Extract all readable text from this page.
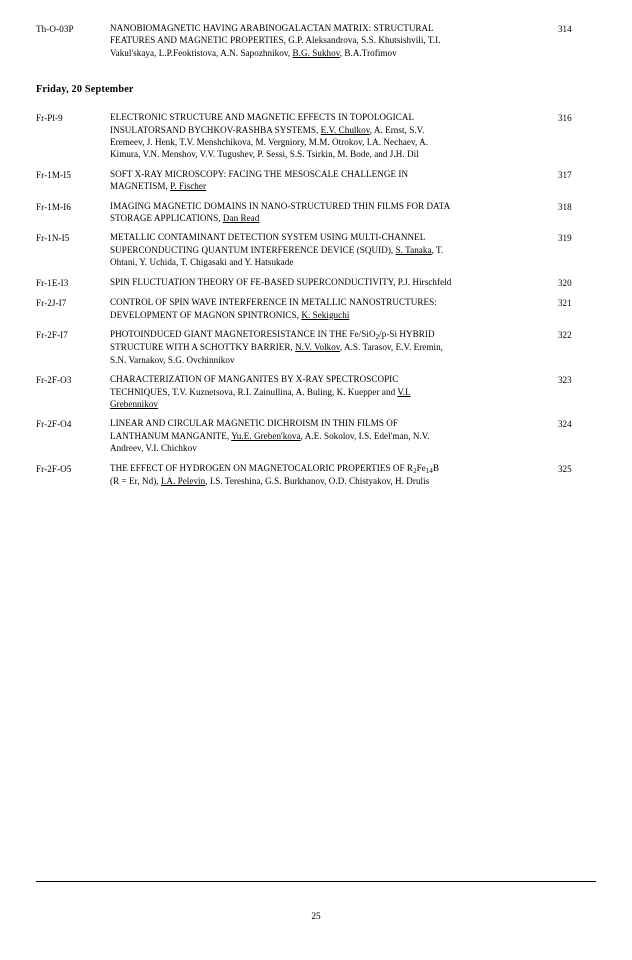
Th-O-03P	NANOBIOMAGNETIC HAVING ARABINOGALACTAN MATRIX: STRUCTURAL
FEATURES AND MAGNETIC PROPERTIES, G.P. Aleksandrova, S.S. Khutsishvili, T.I.
Vakul'skaya, L.P.Feoktistova, A.N. Sapozhnikov, B.G. Sukhov, B.A.Trofimov
	314
Friday, 20 September
Fr-Pl-9	ELECTRONIC STRUCTURE AND MAGNETIC EFFECTS IN TOPOLOGICAL
INSULATORSAND BYCHKOV-RASHBA SYSTEMS, E.V. Chulkov, A. Ernst, S.V.
Eremeev, J. Henk, T.V. Menshchikova, M. Vergniory, M.M. Otrokov, I.A. Nechaev, A.
Kimura, V.N. Menshov, V.V. Tugushev, P. Sessi, S.S. Tsirkin, M. Bode, and J.H. Dil	316
Fr-1M-I5	SOFT X-RAY MICROSCOPY: FACING THE MESOSCALE CHALLENGE IN
MAGNETISM, P. Fischer	317
Fr-1M-I6	IMAGING MAGNETIC DOMAINS IN NANO-STRUCTURED THIN FILMS FOR DATA
STORAGE APPLICATIONS, Dan Read	318
Fr-1N-I5	METALLIC CONTAMINANT DETECTION SYSTEM USING MULTI-CHANNEL
SUPERCONDUCTING QUANTUM INTERFERENCE DEVICE (SQUID), S. Tanaka, T.
Ohtani, Y. Uchida, T. Chigasaki and Y. Hatsukade	319
Fr-1E-I3	SPIN FLUCTUATION THEORY OF FE-BASED SUPERCONDUCTIVITY, P.J. Hirschfeld	320
Fr-2J-I7	CONTROL OF SPIN WAVE INTERFERENCE IN METALLIC NANOSTRUCTURES:
DEVELOPMENT OF MAGNON SPINTRONICS, K. Sekiguchi	321
Fr-2F-I7	PHOTOINDUCED GIANT MAGNETORESISTANCE IN THE Fe/SiO$_2$/p-Si HYBRID
STRUCTURE WITH A SCHOTTKY BARRIER, N.V. Volkov, A.S. Tarasov, E.V. Eremin,
S.N. Varnakov, S.G. Ovchinnikov	322
Fr-2F-O3	CHARACTERIZATION OF MANGANITES BY X-RAY SPECTROSCOPIC
TECHNIQUES, T.V. Kuznetsova, R.I. Zainullina, A. Buling, K. Kuepper and V.I.
Grebennikov	323
Fr-2F-O4	LINEAR AND CIRCULAR MAGNETIC DICHROISM IN THIN FILMS OF
LANTHANUM MANGANITE, Yu.E. Greben'kova, A.E. Sokolov, I.S. Edel'man, N.V.
Andreev, V.I. Chichkov	324
Fr-2F-O5	THE EFFECT OF HYDROGEN ON MAGNETOCALORIC PROPERTIES OF $R_2Fe_{14}B$
(R = Er, Nd), I.A. Pelevin, I.S. Tereshina, G.S. Burkhanov, O.D. Chistyakov, H. Drulis	325
25
